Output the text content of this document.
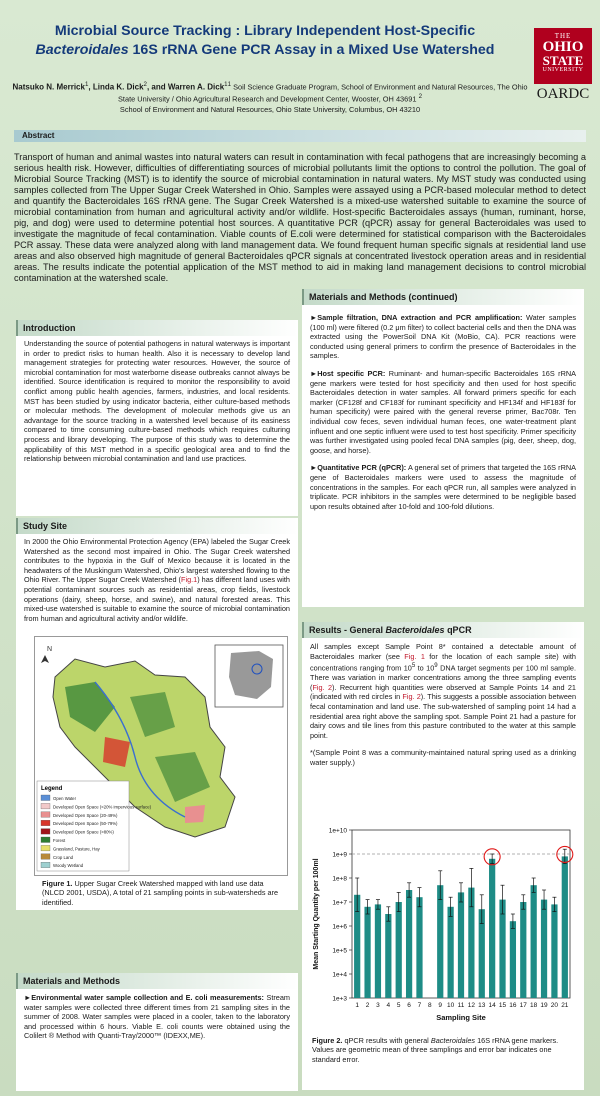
Microbial Source Tracking : Library Independent Host-Specific
Bacteroidales 16S rRNA Gene PCR Assay in a Mixed Use Watershed
THE
OHIO
STATE
UNIVERSITY
OARDC
Natsuko N. Merrick$^1$, Linda K. Dick$^2$, and Warren A. Dick$^{11}$ Soil Science Graduate Program, School of Environment and Natural Resources, The Ohio State University / Ohio Agricultural Research and Development Center, Wooster, OH 43691 $^2$
School of Environment and Natural Resources, Ohio State University, Columbus, OH 43210
Abstract
Transport of human and animal wastes into natural waters can result in contamination with fecal pathogens that are increasingly becoming a serious health risk. However, difficulties of differentiating sources of microbial pollutants limit the options to control the pollution. The goal of Microbial Source Tracking (MST) is to identify the source of microbial contamination in natural waters. My MST study was conducted using samples collected from The Upper Sugar Creek Watershed in Ohio. Samples were assayed using a PCR-based molecular method to detect and quantify the Bacteroidales 16S rRNA gene. The Sugar Creek Watershed is a mixed-use watershed suitable to examine the source of microbial contamination from human and agricultural activity and/or wildlife. Host-specific Bacteroidales assays (human, ruminant, horse, pig, and dog) were used to determine potential host sources. A quantitative PCR (qPCR) assay for general Bacteroidales was used to investigate the magnitude of fecal contamination. Viable counts of E.coli were determined for statistical comparison with the Bacteroidales PCR assay. These data were analyzed along with land management data. We found frequent human specific signals at residential land use areas and also observed high magnitude of general Bacteroidales qPCR signals at concentrated livestock operation areas and in residential areas. The results indicate the potential application of the MST method to aid in making land management decisions to control microbial contamination at the watershed scale.
Introduction
Understanding the source of potential pathogens in natural waterways is important in order to predict risks to human health. Also it is necessary to develop land management strategies for protecting water resources. However, the source of microbial contamination for most waterborne disease outbreaks cannot always be identified. Source identification is required to monitor the responsibility to avoid conflict among public health agencies, farmers, industries, and local residents. MST has been studied by using indicator bacteria, either culture-based methods or molecular methods. The development of molecular methods give us an advantage for the source tracking in a watershed level because of its easiness compared to time consuming culture-based methods which requires culturing process and library developing. The purpose of this study was to determine the applicability of this MST method in a specific geological area and to find the relationship between microbial contamination and land use practices.
Study Site
In 2000 the Ohio Environmental Protection Agency (EPA) labeled the Sugar Creek Watershed as the second most impaired in Ohio. The Sugar Creek watershed contributes to the hypoxia in the Gulf of Mexico because it is located in the headwaters of the Muskingum Watershed, Ohio’s largest watershed flowing to the Ohio River. The Upper Sugar Creek Watershed (Fig.1) has different land uses with potential contaminant sources such as residential areas, crop fields, livestock operations (dairy, sheep, horse, and swine), and natural forested areas. This mixed-use watershed is suitable to examine the source of microbial contamination from human and agricultural activity and/or wildlife.
N
Legend
Open Water
Developed Open Space (<20% impervious surface)
Developed Open Space (20-49%)
Developed Open Space (50-79%)
Developed Open Space (>80%)
Forest
Grassland, Pasture, Hay
Crop Land
Woody Wetland
Figure 1. Upper Sugar Creek Watershed mapped with land use data (NLCD 2001, USDA), A total of 21 sampling points in sub-watersheds are identified.
Materials and Methods
►Environmental water sample collection and E. coli measurements: Stream water samples were collected three different times from 21 sampling sites in the summer of 2008. Water samples were placed in a cooler, taken to the laboratory and processed within 6 hours. Viable E. coli counts were obtained using the Colilert ® Method with Quanti-Tray/2000™ (IDEXX,ME).
Materials and Methods (continued)

►Sample filtration, DNA extraction and PCR amplification: Water samples (100 ml) were filtered (0.2 μm filter) to collect bacterial cells and then the DNA was extracted using the PowerSoil DNA Kit (MoBio, CA). PCR reactions were conducted using general primers to confirm the presence of Bacteroidales in the samples.

►Host specific PCR: Ruminant- and human-specific Bacteroidales 16S rRNA gene markers were tested for host specificity and then used for host specific Bacteroidales detection in water samples. All forward primers specific for each marker (CF128f and CF183f for ruminant specificity and HF134f and HF183f for human specificity) were paired with the general reverse primer, Bac708r. Ten individual cow feces, seven individual human feces, one water-treatment plant influent and one septic influent were used to test host specificity. Primer specificity was further investigated using pooled fecal DNA samples (pig, deer, sheep, dog, goose, and horse).

►Quantitative PCR (qPCR): A general set of primers that targeted the 16S rRNA gene of Bacteroidales markers were used to assess the magnitude of concentrations in the samples. For each qPCR run, all samples were analyzed in triplicate. PCR inhibitors in the samples were determined to be negligible based upon results obtained after 10-fold and 100-fold dilutions.

Results - General Bacteroidales qPCR

All samples except Sample Point 8* contained a detectable amount of Bacteroidales marker (see Fig. 1 for the location of each sample site) with concentrations ranging from $10^5$ to $10^9$ DNA target segments per 100 ml sample. There was variation in marker concentrations among the three sampling events (Fig. 2). Recurrent high quantities were observed at Sample Points 14 and 21 (indicated with red circles in Fig. 2). This suggests a possible association between fecal contamination and land use. The sub-watershed of sampling point 14 had a residential area right above the sampling spot. Sample Point 21 had a pasture for dairy cows and tile lines from this pasture contributed to the water at this sample point.

*(Sample Point 8 was a community-maintained natural spring used as a drinking water supply.)

1e+3
1e+4
1e+5
1e+6
1e+7
1e+8
1e+9
1e+10
1 2 3 4 5 6 7 8 9 10 11 12 13 14 15 16 17 18 19 20 21
Sampling Site
Mean Starting Quantity per 100ml
Figure 2. qPCR results with general Bacteroidales 16S rRNA gene markers. Values are geometric mean of three samplings and error bar indicates one standard error.
